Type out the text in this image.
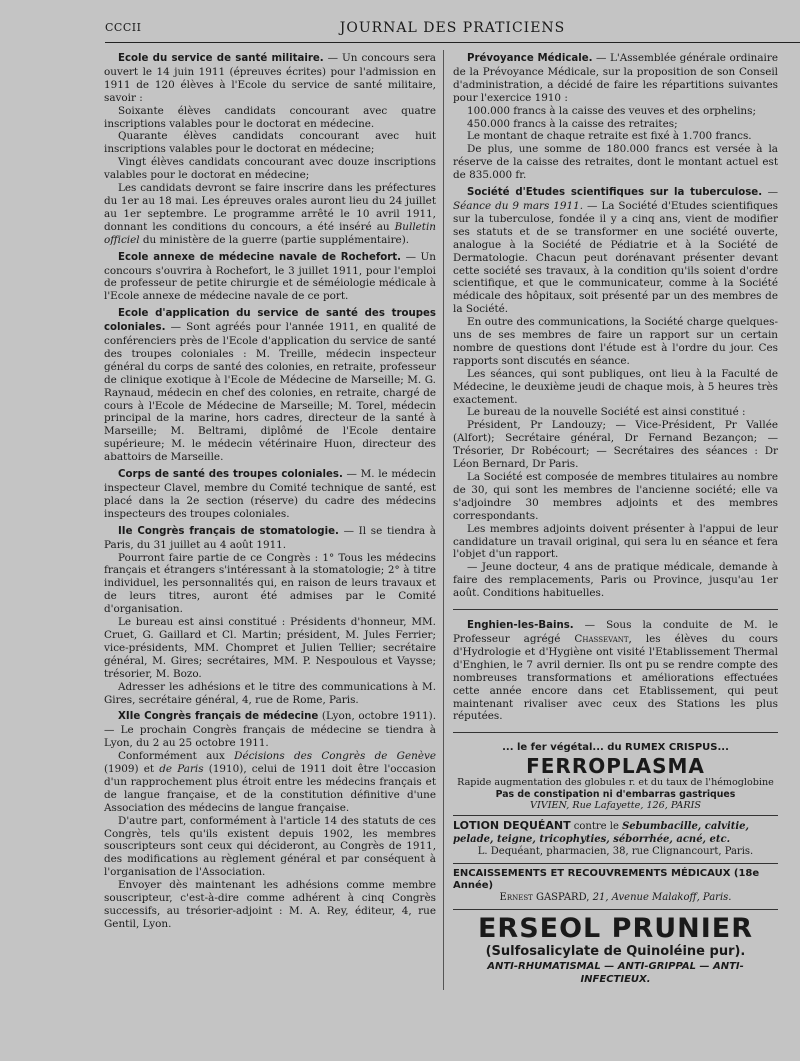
CCCII	JOURNAL DES PRATICIENS

Ecole du service de santé militaire. — Un concours sera ouvert le 14 juin 1911 (épreuves écrites) pour l'admission en 1911 de 120 élèves à l'Ecole du service de santé militaire, savoir :

Soixante élèves candidats concourant avec quatre inscriptions valables pour le doctorat en médecine.

Quarante élèves candidats concourant avec huit inscriptions valables pour le doctorat en médecine;

Vingt élèves candidats concourant avec douze inscriptions valables pour le doctorat en médecine;

Les candidats devront se faire inscrire dans les préfectures du 1er au 18 mai. Les épreuves orales auront lieu du 24 juillet au 1er septembre. Le programme arrêté le 10 avril 1911, donnant les conditions du concours, a été inséré au Bulletin officiel du ministère de la guerre (partie supplémentaire).

Ecole annexe de médecine navale de Rochefort. — Un concours s'ouvrira à Rochefort, le 3 juillet 1911, pour l'emploi de professeur de petite chirurgie et de séméiologie médicale à l'Ecole annexe de médecine navale de ce port.

Ecole d'application du service de santé des troupes coloniales. — Sont agréés pour l'année 1911, en qualité de conférenciers près de l'Ecole d'application du service de santé des troupes coloniales : M. Treille, médecin inspecteur général du corps de santé des colonies, en retraite, professeur de clinique exotique à l'Ecole de Médecine de Marseille; M. G. Raynaud, médecin en chef des colonies, en retraite, chargé de cours à l'Ecole de Médecine de Marseille; M. Torel, médecin principal de la marine, hors cadres, directeur de la santé à Marseille; M. Beltrami, diplômé de l'Ecole dentaire supérieure; M. le médecin vétérinaire Huon, directeur des abattoirs de Marseille.

Corps de santé des troupes coloniales. — M. le médecin inspecteur Clavel, membre du Comité technique de santé, est placé dans la 2e section (réserve) du cadre des médecins inspecteurs des troupes coloniales.

IIe Congrès français de stomatologie. — Il se tiendra à Paris, du 31 juillet au 4 août 1911.

Pourront faire partie de ce Congrès : 1° Tous les médecins français et étrangers s'intéressant à la stomatologie; 2° à titre individuel, les personnalités qui, en raison de leurs travaux et de leurs titres, auront été admises par le Comité d'organisation.

Le bureau est ainsi constitué : Présidents d'honneur, MM. Cruet, G. Gaillard et Cl. Martin; président, M. Jules Ferrier; vice-présidents, MM. Chompret et Julien Tellier; secrétaire général, M. Gires; secrétaires, MM. P. Nespoulous et Vaysse; trésorier, M. Bozo.

Adresser les adhésions et le titre des communications à M. Gires, secrétaire général, 4, rue de Rome, Paris.

XIIe Congrès français de médecine (Lyon, octobre 1911). — Le prochain Congrès français de médecine se tiendra à Lyon, du 2 au 25 octobre 1911.

Conformément aux Décisions des Congrès de Genève (1909) et de Paris (1910), celui de 1911 doit être l'occasion d'un rapprochement plus étroit entre les médecins français et de langue française, et de la constitution définitive d'une Association des médecins de langue française.

D'autre part, conformément à l'article 14 des statuts de ces Congrès, tels qu'ils existent depuis 1902, les membres souscripteurs sont ceux qui décideront, au Congrès de 1911, des modifications au règlement général et par conséquent à l'organisation de l'Association.

Envoyer dès maintenant les adhésions comme membre souscripteur, c'est-à-dire comme adhérent à cinq Congrès successifs, au trésorier-adjoint : M. A. Rey, éditeur, 4, rue Gentil, Lyon.

Prévoyance Médicale. — L'Assemblée générale ordinaire de la Prévoyance Médicale, sur la proposition de son Conseil d'administration, a décidé de faire les répartitions suivantes pour l'exercice 1910 :

100.000 francs à la caisse des veuves et des orphelins;

450.000 francs à la caisse des retraites;

Le montant de chaque retraite est fixé à 1.700 francs.

De plus, une somme de 180.000 francs est versée à la réserve de la caisse des retraites, dont le montant actuel est de 835.000 fr.

Société d'Etudes scientifiques sur la tuberculose. — Séance du 9 mars 1911. — La Société d'Etudes scientifiques sur la tuberculose, fondée il y a cinq ans, vient de modifier ses statuts et de se transformer en une société ouverte, analogue à la Société de Pédiatrie et à la Société de Dermatologie. Chacun peut dorénavant présenter devant cette société ses travaux, à la condition qu'ils soient d'ordre scientifique, et que le communicateur, comme à la Société médicale des hôpitaux, soit présenté par un des membres de la Société.

En outre des communications, la Société charge quelques-uns de ses membres de faire un rapport sur un certain nombre de questions dont l'étude est à l'ordre du jour. Ces rapports sont discutés en séance.

Les séances, qui sont publiques, ont lieu à la Faculté de Médecine, le deuxième jeudi de chaque mois, à 5 heures très exactement.

Le bureau de la nouvelle Société est ainsi constitué :

Président, Pr Landouzy; — Vice-Président, Pr Vallée (Alfort); Secrétaire général, Dr Fernand Bezançon; — Trésorier, Dr Robécourt; — Secrétaires des séances : Dr Léon Bernard, Dr Paris.

La Société est composée de membres titulaires au nombre de 30, qui sont les membres de l'ancienne société; elle va s'adjoindre 30 membres adjoints et des membres correspondants.

Les membres adjoints doivent présenter à l'appui de leur candidature un travail original, qui sera lu en séance et fera l'objet d'un rapport.

— Jeune docteur, 4 ans de pratique médicale, demande à faire des remplacements, Paris ou Province, jusqu'au 1er août. Conditions habituelles.

Enghien-les-Bains. — Sous la conduite de M. le Professeur agrégé Chassevant, les élèves du cours d'Hydrologie et d'Hygiène ont visité l'Etablissement Thermal d'Enghien, le 7 avril dernier. Ils ont pu se rendre compte des nombreuses transformations et améliorations effectuées cette année encore dans cet Etablissement, qui peut maintenant rivaliser avec ceux des Stations les plus réputées.

... le fer végétal... du RUMEX CRISPUS...
FERROPLASMA
Rapide augmentation des globules r. et du taux de l'hémoglobine
Pas de constipation ni d'embarras gastriques
VIVIEN, Rue Lafayette, 126, PARIS
LOTION DEQUÉANT contre le Sebumbacille, calvitie, pelade, teigne, tricophyties, séborrhée, acné, etc.
L. Dequéant, pharmacien, 38, rue Clignancourt, Paris.
ENCAISSEMENTS ET RECOUVREMENTS MÉDICAUX (18e Année)
Ernest GASPARD, 21, Avenue Malakoff, Paris.
ERSEOL PRUNIER
(Sulfosalicylate de Quinoléine pur).
ANTI-RHUMATISMAL — ANTI-GRIPPAL — ANTI-INFECTIEUX.
